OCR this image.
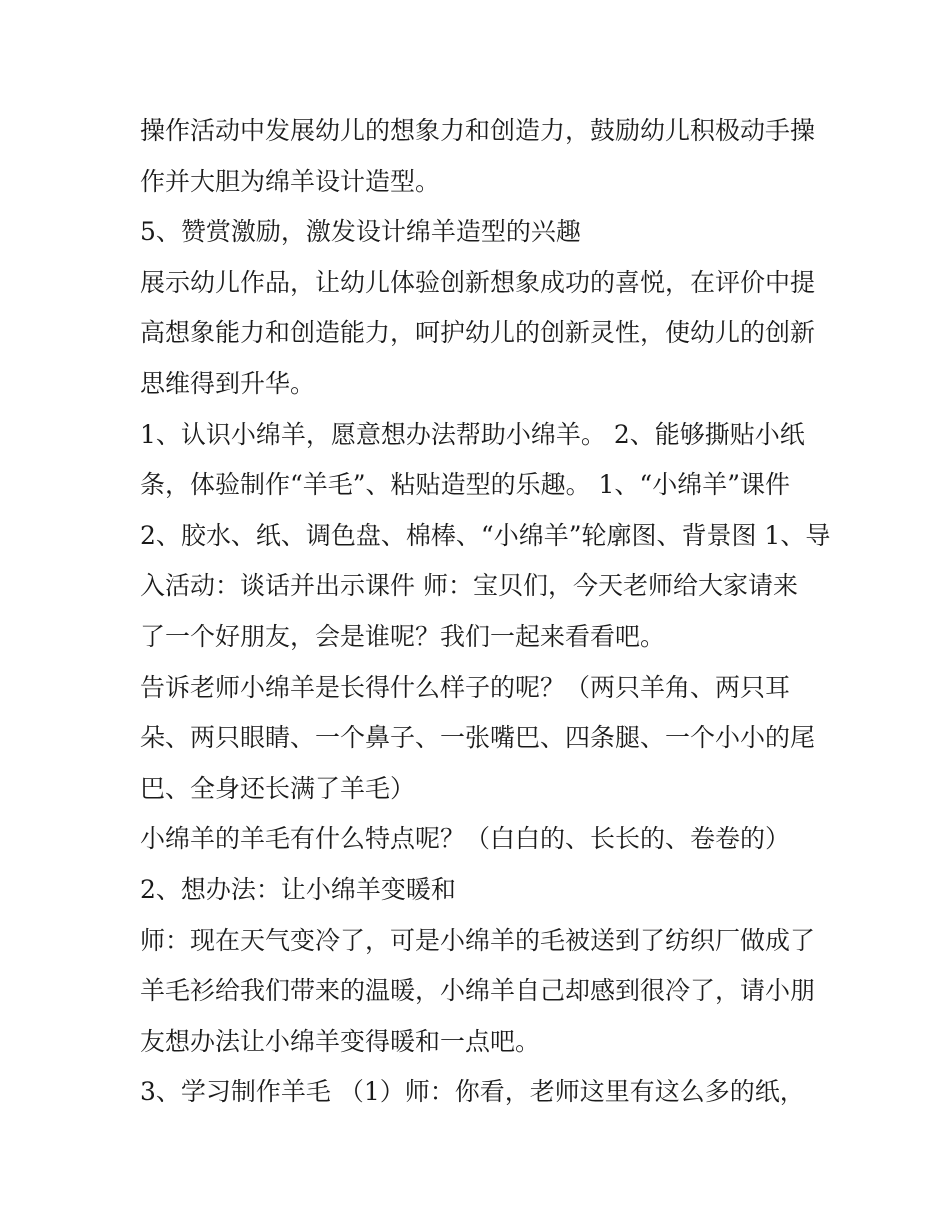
操作活动中发展幼儿的想象力和创造力，鼓励幼儿积极动手操
作并大胆为绵羊设计造型。
5、赞赏激励，激发设计绵羊造型的兴趣
展示幼儿作品，让幼儿体验创新想象成功的喜悦，在评价中提
高想象能力和创造能力，呵护幼儿的创新灵性，使幼儿的创新
思维得到升华。
1、认识小绵羊，愿意想办法帮助小绵羊。 2、能够撕贴小纸
条，体验制作“羊毛”、粘贴造型的乐趣。 1、“小绵羊”课件
2、胶水、纸、调色盘、棉棒、“小绵羊”轮廓图、背景图 1、导
入活动：谈话并出示课件 师：宝贝们，今天老师给大家请来
了一个好朋友，会是谁呢？我们一起来看看吧。
告诉老师小绵羊是长得什么样子的呢？（两只羊角、两只耳
朵、两只眼睛、一个鼻子、一张嘴巴、四条腿、一个小小的尾
巴、全身还长满了羊毛）
小绵羊的羊毛有什么特点呢？（白白的、长长的、卷卷的）
2、想办法：让小绵羊变暖和
师：现在天气变冷了，可是小绵羊的毛被送到了纺织厂做成了
羊毛衫给我们带来的温暖，小绵羊自己却感到很冷了，请小朋
友想办法让小绵羊变得暖和一点吧。
3、学习制作羊毛 （1）师：你看，老师这里有这么多的纸，
